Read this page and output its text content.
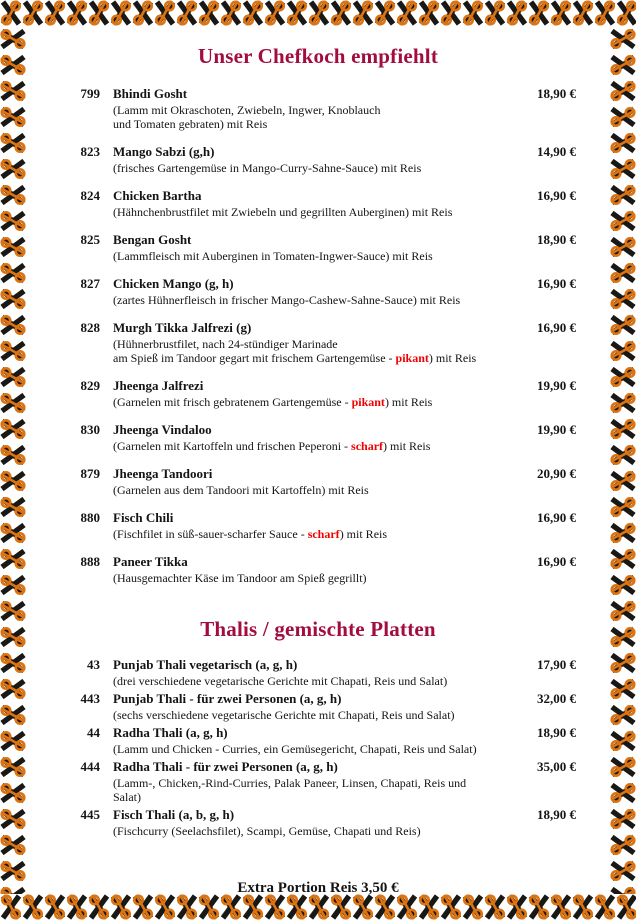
Unser Chefkoch empfiehlt
799 Bhindi Gosht	18,90 €
(Lamm mit Okraschoten, Zwiebeln, Ingwer, Knoblauch
und Tomaten gebraten) mit Reis
823 Mango Sabzi (g,h)	14,90 €
(frisches Gartengemüse in Mango-Curry-Sahne-Sauce) mit Reis
824 Chicken Bartha	16,90 €
(Hähnchenbrustfilet mit Zwiebeln und gegrillten Auberginen) mit Reis
825 Bengan Gosht	18,90 €
(Lammfleisch mit Auberginen in Tomaten-Ingwer-Sauce) mit Reis
827 Chicken Mango (g, h)	16,90 €
(zartes Hühnerfleisch in frischer Mango-Cashew-Sahne-Sauce) mit Reis
828 Murgh Tikka Jalfrezi (g)	16,90 €
(Hühnerbrustfilet, nach 24-stündiger Marinade
am Spieß im Tandoor gegart mit frischem Gartengemüse - pikant) mit Reis
829 Jheenga Jalfrezi	19,90 €
(Garnelen mit frisch gebratenem Gartengemüse - pikant) mit Reis
830 Jheenga Vindaloo	19,90 €
(Garnelen mit Kartoffeln und frischen Peperoni - scharf) mit Reis
879 Jheenga Tandoori	20,90 €
(Garnelen aus dem Tandoori mit Kartoffeln) mit Reis
880 Fisch Chili	16,90 €
(Fischfilet in süß-sauer-scharfer Sauce - scharf) mit Reis
888 Paneer Tikka	16,90 €
(Hausgemachter Käse im Tandoor am Spieß gegrillt)
Thalis / gemischte Platten
43 Punjab Thali vegetarisch (a, g, h)	17,90 €
(drei verschiedene vegetarische Gerichte mit Chapati, Reis und Salat)
443 Punjab Thali - für zwei Personen (a, g, h)	32,00 €
(sechs verschiedene vegetarische Gerichte mit Chapati, Reis und Salat)
44 Radha Thali (a, g, h)	18,90 €
(Lamm und Chicken - Curries, ein Gemüsegericht, Chapati, Reis und Salat)
444 Radha Thali - für zwei Personen (a, g, h)	35,00 €
(Lamm-, Chicken,-Rind-Curries, Palak Paneer, Linsen, Chapati, Reis und
Salat)
445 Fisch Thali (a, b, g, h)	18,90 €
(Fischcurry (Seelachsfilet), Scampi, Gemüse, Chapati und Reis)
Extra Portion Reis 3,50 €
